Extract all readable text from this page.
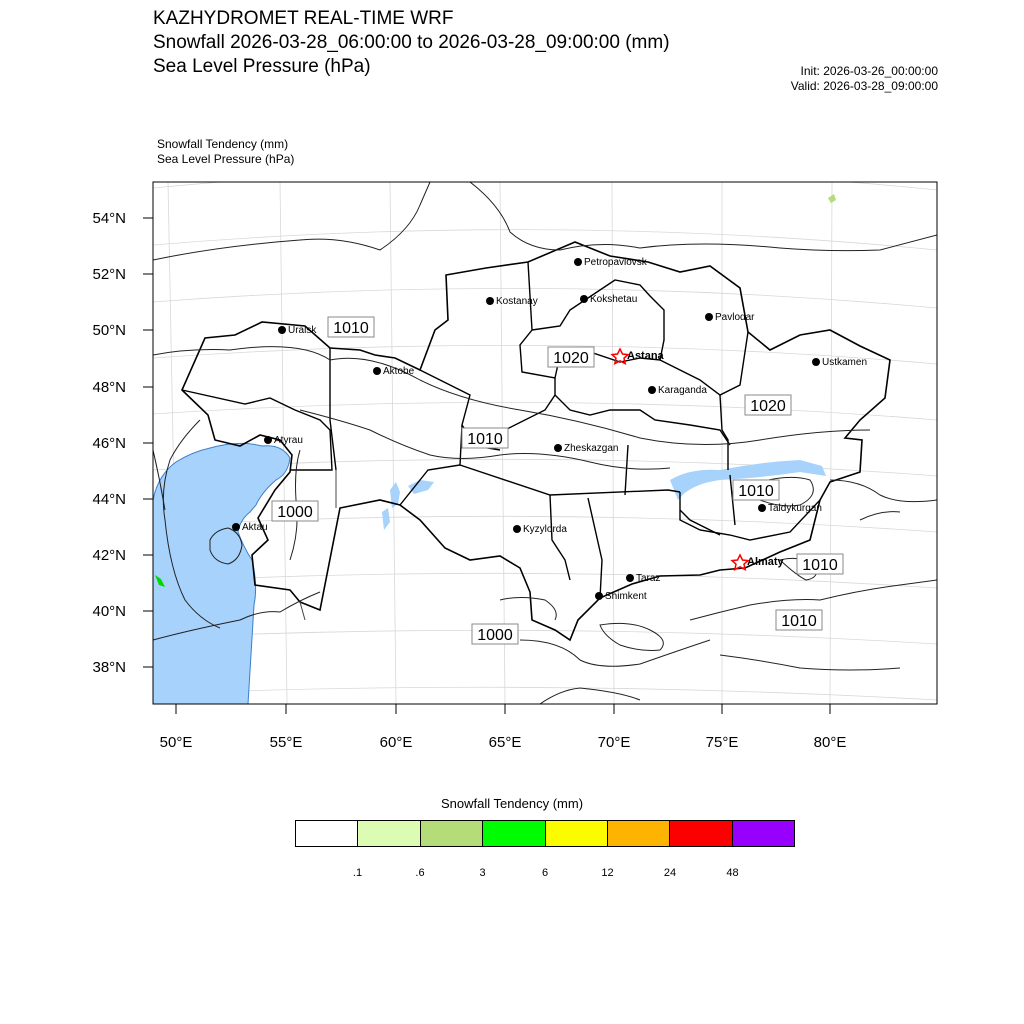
KAZHYDROMET REAL-TIME WRF
Snowfall 2026-03-28_06:00:00 to 2026-03-28_09:00:00 (mm)
Sea Level Pressure (hPa)	Init: 2026-03-26_00:00:00
Valid: 2026-03-28_09:00:00
Snowfall Tendency (mm)
Sea Level Pressure (hPa)
54°N
52°N
50°N
48°N
46°N
44°N
42°N
40°N
38°N
50°E	55°E	60°E	65°E	70°E	75°E	80°E
1010
1020
1010
1020
1010
1000
1000
1010
1010
Petropavlovsk
Kostanay	Kokshetau
Pavlodar
Uralsk
Astana
Aktobe
Ustkamen
Karaganda
Atyrau
Zheskazgan
Taldykurgan
Aktau	Kyzylorda
Almaty
Taraz
Shimkent
Snowfall Tendency (mm)
.1	.6	3	6	12	24	48
